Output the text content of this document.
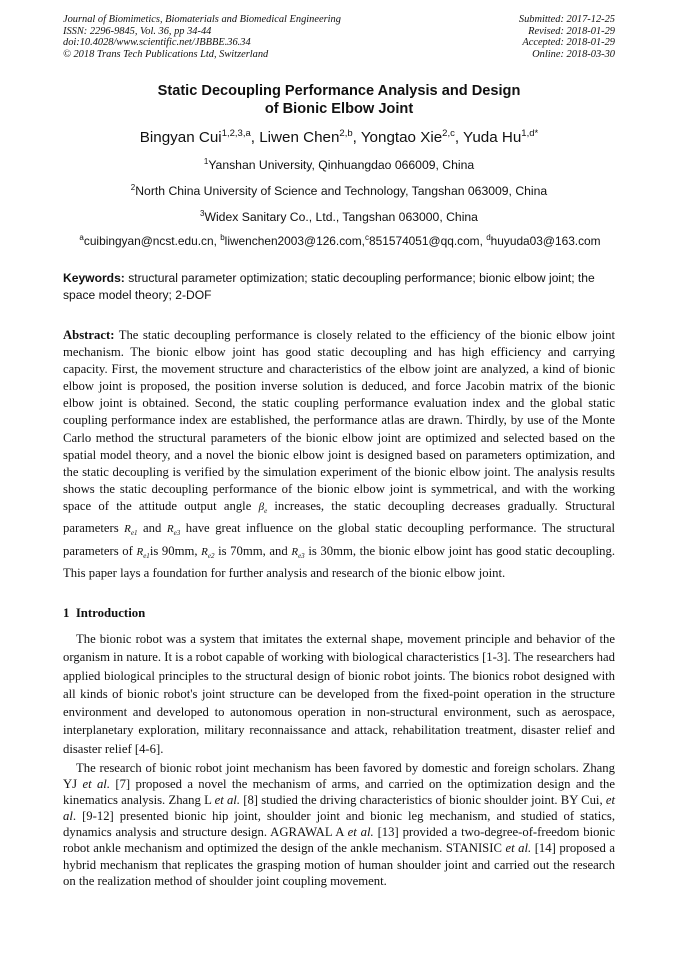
Journal of Biomimetics, Biomaterials and Biomedical Engineering
ISSN: 2296-9845, Vol. 36, pp 34-44
doi:10.4028/www.scientific.net/JBBBE.36.34
© 2018 Trans Tech Publications Ltd, Switzerland
Submitted: 2017-12-25
Revised: 2018-01-29
Accepted: 2018-01-29
Online: 2018-03-30
Static Decoupling Performance Analysis and Design
of Bionic Elbow Joint
Bingyan Cui$^{1,2,3,a}$, Liwen Chen$^{2,b}$, Yongtao Xie$^{2,c}$, Yuda $Hu^{1,d*}$
$^1$Yanshan University, Qinhuangdao 066009, China
$^2$North China University of Science and Technology, Tangshan 063009, China
$^3$Widex Sanitary Co., Ltd., Tangshan 063000, China
$^a$cuibingyan@ncst.edu.cn, $^b$liwenchen2003@126.com,$^c$851574051@qq.com, $^d$huyuda03@163.com
Keywords: structural parameter optimization; static decoupling performance; bionic elbow joint; the space model theory; 2-DOF
Abstract: The static decoupling performance is closely related to the efficiency of the bionic elbow joint mechanism. The bionic elbow joint has good static decoupling and has high efficiency and carrying capacity. First, the movement structure and characteristics of the elbow joint are analyzed, a kind of bionic elbow joint is proposed, the position inverse solution is deduced, and force Jacobin matrix of the bionic elbow joint is obtained. Second, the static coupling performance evaluation index and the global static coupling performance index are established, the performance atlas are drawn. Thirdly, by use of the Monte Carlo method the structural parameters of the bionic elbow joint are optimized and selected based on the spatial model theory, and a novel the bionic elbow joint is designed based on parameters optimization, and the static decoupling is verified by the simulation experiment of the bionic elbow joint. The analysis results shows the static decoupling performance of the bionic elbow joint is symmetrical, and with the working space of the attitude output angle $\beta_e$ increases, the static decoupling decreases gradually. Structural parameters $R_{e1}$ and $R_{e3}$ have great influence on the global static decoupling performance. The structural parameters of $R_{e1}is$ 90mm, $R_{e2}$ is 70mm, and $R_{e3}$ is 30mm, the bionic elbow joint has good static decoupling. This paper lays a foundation for further analysis and research of the bionic elbow joint.
1 Introduction
The bionic robot was a system that imitates the external shape, movement principle and behavior of the organism in nature. It is a robot capable of working with biological characteristics [1-3]. The researchers had applied biological principles to the structural design of bionic robot joints. The bionics robot designed with all kinds of bionic robot's joint structure can be developed from the fixed-point operation in the structure environment and developed to autonomous operation in non-structural environment, such as aerospace, interplanetary exploration, military reconnaissance and attack, rehabilitation treatment, disaster relief and disaster relief [4-6].
The research of bionic robot joint mechanism has been favored by domestic and foreign scholars. Zhang YJ et al. [7] proposed a novel the mechanism of arms, and carried on the optimization design and the kinematics analysis. Zhang L et al. [8] studied the driving characteristics of bionic shoulder joint. BY Cui, et al. [9-12] presented bionic hip joint, shoulder joint and bionic leg mechanism, and studied of statics, dynamics analysis and structure design. AGRAWAL A et al. [13] provided a two-degree-of-freedom bionic robot ankle mechanism and optimized the design of the ankle mechanism. STANISIC et al. [14] proposed a hybrid mechanism that replicates the grasping motion of human shoulder joint and carried out the research on the realization method of shoulder joint coupling movement.
